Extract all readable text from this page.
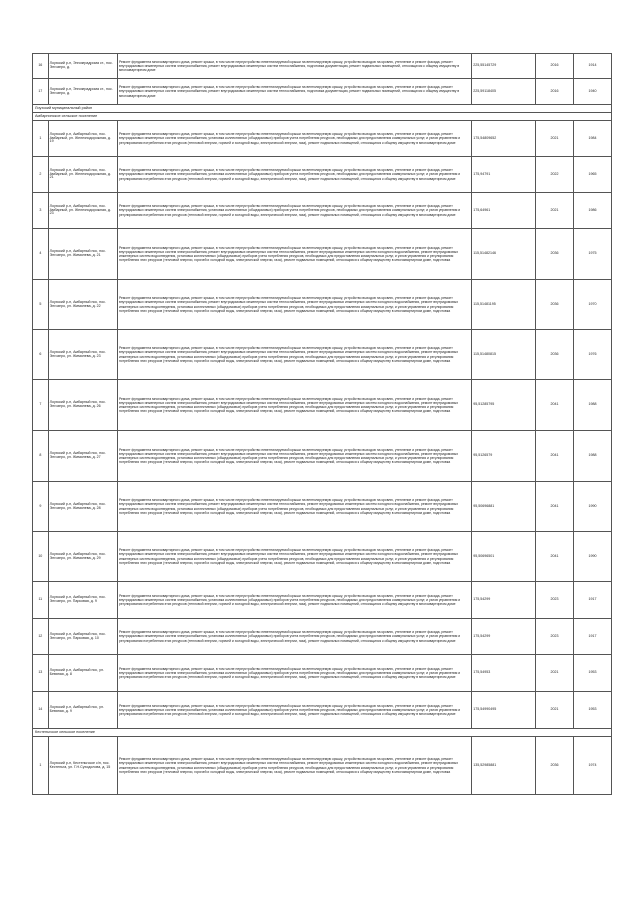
16	Лоухский р-н, Энгозерадрома ст., пос. Энгозеро, д.	Ремонт фундамента многоквартирного дома, ремонт крыши, в том числе переустройство невентилируемой крыши на вентилируемую крышу, устройство выходов на кровлю, утепление и ремонт фасада, ремонт внутридомовых инженерных систем электроснабжения, ремонт внутридомовых инженерных систем теплоснабжения, подготовка документации, ремонт подвальных помещений, относящихся к общему имуществу в многоквартирном доме	225,55145729	2016	1914
17	Лоухский р-н, Энгозерадрома ст., пос. Энгозеро, д.	Ремонт фундамента многоквартирного дома, ремонт крыши, в том числе переустройство невентилируемой крыши на вентилируемую крышу, устройство выходов на кровлю, утепление и ремонт фасада, ремонт внутридомовых инженерных систем электроснабжения, ремонт внутридомовых инженерных систем теплоснабжения, подготовка документации, ремонт подвальных помещений, относящихся к общему имуществу в многоквартирном доме	225,59118405	2016	1940
Лоухский муниципальный район					
Амбарнинское сельское поселение					
1	Лоухский р-н, Амбарный пос, пос. Амбарный, ул. Железнодорожная, д. 19	Ремонт фундамента многоквартирного дома, ремонт крыши, в том числе переустройство невентилируемой крыши на вентилируемую крышу, устройство выходов на кровлю, утепление и ремонт фасада, ремонт внутридомовых инженерных систем электроснабжения, установка коллективных (общедомовых) приборов учета потребления ресурсов, необходимых для предоставления коммунальных услуг, и узлов управления и регулирования потребления этих ресурсов (тепловой энергии, горячей и холодной воды, электрической энергии, газа), ремонт подвальных помещений, относящихся к общему имуществу в многоквартирном доме	175,54809652	2021	1984
2	Лоухский р-н, Амбарный пос, пос. Амбарный, ул. Железнодорожная, д. 21	Ремонт фундамента многоквартирного дома, ремонт крыши, в том числе переустройство невентилируемой крыши на вентилируемую крышу, устройство выходов на кровлю, утепление и ремонт фасада, ремонт внутридомовых инженерных систем электроснабжения, установка коллективных (общедомовых) приборов учета потребления ресурсов, необходимых для предоставления коммунальных услуг, и узлов управления и регулирования потребления этих ресурсов (тепловой энергии, горячей и холодной воды, электрической энергии, газа), ремонт подвальных помещений, относящихся к общему имуществу в многоквартирном доме	175,94791	2022	1965
3	Лоухский р-н, Амбарный пос, пос. Амбарный, ул. Железнодорожная, д. 23	Ремонт фундамента многоквартирного дома, ремонт крыши, в том числе переустройство невентилируемой крыши на вентилируемую крышу, устройство выходов на кровлю, утепление и ремонт фасада, ремонт внутридомовых инженерных систем электроснабжения, установка коллективных (общедомовых) приборов учета потребления ресурсов, необходимых для предоставления коммунальных услуг, и узлов управления и регулирования потребления этих ресурсов (тепловой энергии, горячей и холодной воды, электрической энергии, газа), ремонт подвальных помещений, относящихся к общему имуществу в многоквартирном доме	175,64961	2021	1986
4	Лоухский р-н, Амбарный пос, пос. Энгозеро, ул. Жимилева, д. 21	Ремонт фундамента многоквартирного дома, ремонт крыши, в том числе переустройство невентилируемой крыши на вентилируемую крышу, устройство выходов на кровлю, утепление и ремонт фасада, ремонт внутридомовых инженерных систем электроснабжения, ремонт внутридомовых инженерных систем теплоснабжения, ремонт внутридомовых инженерных систем холодного водоснабжения, ремонт внутридомовых инженерных систем водоотведения, установка коллективных (общедомовых) приборов учета потребления ресурсов, необходимых для предоставления коммунальных услуг, и узлов управления и регулирования потребления этих ресурсов (тепловой энергии, горячей и холодной воды, электрической энергии, газа), ремонт подвальных помещений, относящихся к общему имуществу в многоквартирном доме, подготовка	115,51482146	2036	1975
5	Лоухский р-н, Амбарный пос, пос. Энгозеро, ул. Жимилева, д. 22	Ремонт фундамента многоквартирного дома, ремонт крыши, в том числе переустройство невентилируемой крыши на вентилируемую крышу, устройство выходов на кровлю, утепление и ремонт фасада, ремонт внутридомовых инженерных систем электроснабжения, ремонт внутридомовых инженерных систем теплоснабжения, ремонт внутридомовых инженерных систем холодного водоснабжения, ремонт внутридомовых инженерных систем водоотведения, установка коллективных (общедомовых) приборов учета потребления ресурсов, необходимых для предоставления коммунальных услуг, и узлов управления и регулирования потребления этих ресурсов (тепловой энергии, горячей и холодной воды, электрической энергии, газа), ремонт подвальных помещений, относящихся к общему имуществу в многоквартирном доме, подготовка	115,51481195	2036	1970
6	Лоухский р-н, Амбарный пос, пос. Энгозеро, ул. Жимилева, д. 23	Ремонт фундамента многоквартирного дома, ремонт крыши, в том числе переустройство невентилируемой крыши на вентилируемую крышу, устройство выходов на кровлю, утепление и ремонт фасада, ремонт внутридомовых инженерных систем электроснабжения, ремонт внутридомовых инженерных систем теплоснабжения, ремонт внутридомовых инженерных систем холодного водоснабжения, ремонт внутридомовых инженерных систем водоотведения, установка коллективных (общедомовых) приборов учета потребления ресурсов, необходимых для предоставления коммунальных услуг, и узлов управления и регулирования потребления этих ресурсов (тепловой энергии, горячей и холодной воды, электрической энергии, газа), ремонт подвальных помещений, относящихся к общему имуществу в многоквартирном доме, подготовка	115,51480815	2036	1976
7	Лоухский р-н, Амбарный пос, пос. Энгозеро, ул. Жимилева, д. 26	Ремонт фундамента многоквартирного дома, ремонт крыши, в том числе переустройство невентилируемой крыши на вентилируемую крышу, устройство выходов на кровлю, утепление и ремонт фасада, ремонт внутридомовых инженерных систем электроснабжения, ремонт внутридомовых инженерных систем теплоснабжения, ремонт внутридомовых инженерных систем холодного водоснабжения, ремонт внутридомовых инженерных систем водоотведения, установка коллективных (общедомовых) приборов учета потребления ресурсов, необходимых для предоставления коммунальных услуг, и узлов управления и регулирования потребления этих ресурсов (тепловой энергии, горячей и холодной воды, электрической энергии, газа), ремонт подвальных помещений, относящихся к общему имуществу в многоквартирном доме, подготовка	95,51285795	2041	1988
8	Лоухский р-н, Амбарный пос, пос. Энгозеро, ул. Жимилева, д. 27	Ремонт фундамента многоквартирного дома, ремонт крыши, в том числе переустройство невентилируемой крыши на вентилируемую крышу, устройство выходов на кровлю, утепление и ремонт фасада, ремонт внутридомовых инженерных систем электроснабжения, ремонт внутридомовых инженерных систем теплоснабжения, ремонт внутридомовых инженерных систем холодного водоснабжения, ремонт внутридомовых инженерных систем водоотведения, установка коллективных (общедомовых) приборов учета потребления ресурсов, необходимых для предоставления коммунальных услуг, и узлов управления и регулирования потребления этих ресурсов (тепловой энергии, горячей и холодной воды, электрической энергии, газа), ремонт подвальных помещений, относящихся к общему имуществу в многоквартирном доме, подготовка	95,5126579	2041	1988
9	Лоухский р-н, Амбарный пос, пос. Энгозеро, ул. Жимилева, д. 28	Ремонт фундамента многоквартирного дома, ремонт крыши, в том числе переустройство невентилируемой крыши на вентилируемую крышу, устройство выходов на кровлю, утепление и ремонт фасада, ремонт внутридомовых инженерных систем электроснабжения, ремонт внутридомовых инженерных систем теплоснабжения, ремонт внутридомовых инженерных систем холодного водоснабжения, ремонт внутридомовых инженерных систем водоотведения, установка коллективных (общедомовых) приборов учета потребления ресурсов, необходимых для предоставления коммунальных услуг, и узлов управления и регулирования потребления этих ресурсов (тепловой энергии, горячей и холодной воды, электрической энергии, газа), ремонт подвальных помещений, относящихся к общему имуществу в многоквартирном доме, подготовка	95,50696881	2041	1990
10	Лоухский р-н, Амбарный пос, пос. Энгозеро, ул. Жимилева, д. 29	Ремонт фундамента многоквартирного дома, ремонт крыши, в том числе переустройство невентилируемой крыши на вентилируемую крышу, устройство выходов на кровлю, утепление и ремонт фасада, ремонт внутридомовых инженерных систем электроснабжения, ремонт внутридомовых инженерных систем теплоснабжения, ремонт внутридомовых инженерных систем холодного водоснабжения, ремонт внутридомовых инженерных систем водоотведения, установка коллективных (общедомовых) приборов учета потребления ресурсов, необходимых для предоставления коммунальных услуг, и узлов управления и регулирования потребления этих ресурсов (тепловой энергии, горячей и холодной воды, электрической энергии, газа), ремонт подвальных помещений, относящихся к общему имуществу в многоквартирном доме, подготовка	95,50696501	2041	1990
11	Лоухский р-н, Амбарный пос, пос. Энгозеро, ул. Парковая, д. 9	Ремонт фундамента многоквартирного дома, ремонт крыши, в том числе переустройство невентилируемой крыши на вентилируемую крышу, устройство выходов на кровлю, утепление и ремонт фасада, ремонт внутридомовых инженерных систем электроснабжения, установка коллективных (общедомовых) приборов учета потребления ресурсов, необходимых для предоставления коммунальных услуг, и узлов управления и регулирования потребления этих ресурсов (тепловой энергии, горячей и холодной воды, электрической энергии, газа), ремонт подвальных помещений, относящихся к общему имуществу в многоквартирном доме	175,54299	2023	1917
12	Лоухский р-н, Амбарный пос, пос. Энгозеро, ул. Парковая, д. 10	Ремонт фундамента многоквартирного дома, ремонт крыши, в том числе переустройство невентилируемой крыши на вентилируемую крышу, устройство выходов на кровлю, утепление и ремонт фасада, ремонт внутридомовых инженерных систем электроснабжения, установка коллективных (общедомовых) приборов учета потребления ресурсов, необходимых для предоставления коммунальных услуг, и узлов управления и регулирования потребления этих ресурсов (тепловой энергии, горячей и холодной воды, электрической энергии, газа), ремонт подвальных помещений, относящихся к общему имуществу в многоквартирном доме	175,54299	2023	1917
13	Лоухский р-н, Амбарный пос, ул. Бевяная, д. 8	Ремонт фундамента многоквартирного дома, ремонт крыши, в том числе переустройство невентилируемой крыши на вентилируемую крышу, устройство выходов на кровлю, утепление и ремонт фасада, ремонт внутридомовых инженерных систем электроснабжения, установка коллективных (общедомовых) приборов учета потребления ресурсов, необходимых для предоставления коммунальных услуг, и узлов управления и регулирования потребления этих ресурсов (тепловой энергии, горячей и холодной воды, электрической энергии, газа), ремонт подвальных помещений, относящихся к общему имуществу в многоквартирном доме	175,54953	2021	1953
14	Лоухский р-н, Амбарный пос, ул. Бевяная, д. 9	Ремонт фундамента многоквартирного дома, ремонт крыши, в том числе переустройство невентилируемой крыши на вентилируемую крышу, устройство выходов на кровлю, утепление и ремонт фасада, ремонт внутридомовых инженерных систем электроснабжения, установка коллективных (общедомовых) приборов учета потребления ресурсов, необходимых для предоставления коммунальных услуг, и узлов управления и регулирования потребления этих ресурсов (тепловой энергии, горячей и холодной воды, электрической энергии, газа), ремонт подвальных помещений, относящихся к общему имуществу в многоквартирном доме	175,54990495	2021	1953
Кестеньгское сельское поселение					
1	Лоухский р-н, Кестеньгское с/п, пос. Кестеньга, ул. Г.Н.Суходолова, д. 15	Ремонт фундамента многоквартирного дома, ремонт крыши, в том числе переустройство невентилируемой крыши на вентилируемую крышу, устройство выходов на кровлю, утепление и ремонт фасада, ремонт внутридомовых инженерных систем электроснабжения, ремонт внутридомовых инженерных систем теплоснабжения, ремонт внутридомовых инженерных систем холодного водоснабжения, ремонт внутридомовых инженерных систем водоотведения, установка коллективных (общедомовых) приборов учета потребления ресурсов, необходимых для предоставления коммунальных услуг, и узлов управления и регулирования потребления этих ресурсов (тепловой энергии, горячей и холодной воды, электрической энергии, газа), ремонт подвальных помещений, относящихся к общему имуществу в многоквартирном доме, подготовка	135,52985881	2036	1974
